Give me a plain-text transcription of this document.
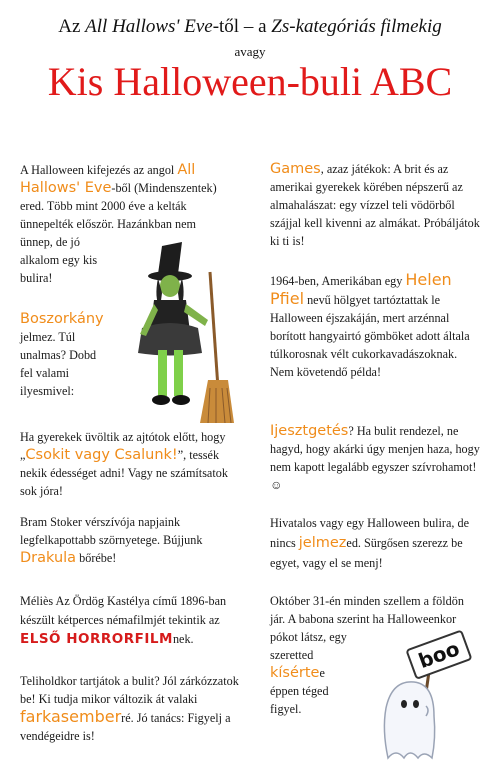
Az All Hallows' Eve-től – a Zs-kategóriás filmekig
avagy
Kis Halloween-buli ABC
A Halloween kifejezés az angol All Hallows' Eve-ből (Mindenszentek) ered. Több mint 2000 éve a kelták ünnepelték először. Hazánkban nem
ünnep, de jó
alkalom egy kis
bulira!
Boszorkány
jelmez. Túl
unalmas? Dobd
fel valami
ilyesmivel:
Ha gyerekek üvöltik az ajtótok előtt, hogy „Csokit vagy Csalunk!”, tessék nekik édességet adni! Vagy ne számítsatok sok jóra!
Bram Stoker vérszívója napjaink legfelkapottabb szörnyetege. Bújjunk Drakula bőrébe!
Méliès Az Ördög Kastélya című 1896-ban készült kétperces némafilmjét tekintik az ELSŐ HORRORFILMnek.
Teliholdkor tartjátok a bulit? Jól zárkózzatok be! Ki tudja mikor változik át valaki farkasemberré. Jó tanács: Figyelj a vendégeidre is!
Games, azaz játékok: A brit és az amerikai gyerekek körében népszerű az almahalászat: egy vízzel teli vödörből szájjal kell kivenni az almákat. Próbáljátok ki ti is!
1964-ben, Amerikában egy Helen Pfiel nevű hölgyet tartóztattak le Halloween éjszakáján, mert arzénnal borított hangyairtó gömböket adott általa túlkorosnak vélt cukorkavadászoknak. Nem követendő példa!
Ijesztgetés? Ha bulit rendezel, ne hagyd, hogy akárki úgy menjen haza, hogy nem kapott legalább egyszer szívrohamot! ☺
Hivatalos vagy egy Halloween bulira, de nincs jelmezed. Sürgősen szerezz be egyet, vagy el se menj!
Október 31-én minden szellem a földön jár. A babona szerint ha Halloweenkor
pókot látsz, egy
szeretted
kísértee
éppen téged
figyel.
boo
